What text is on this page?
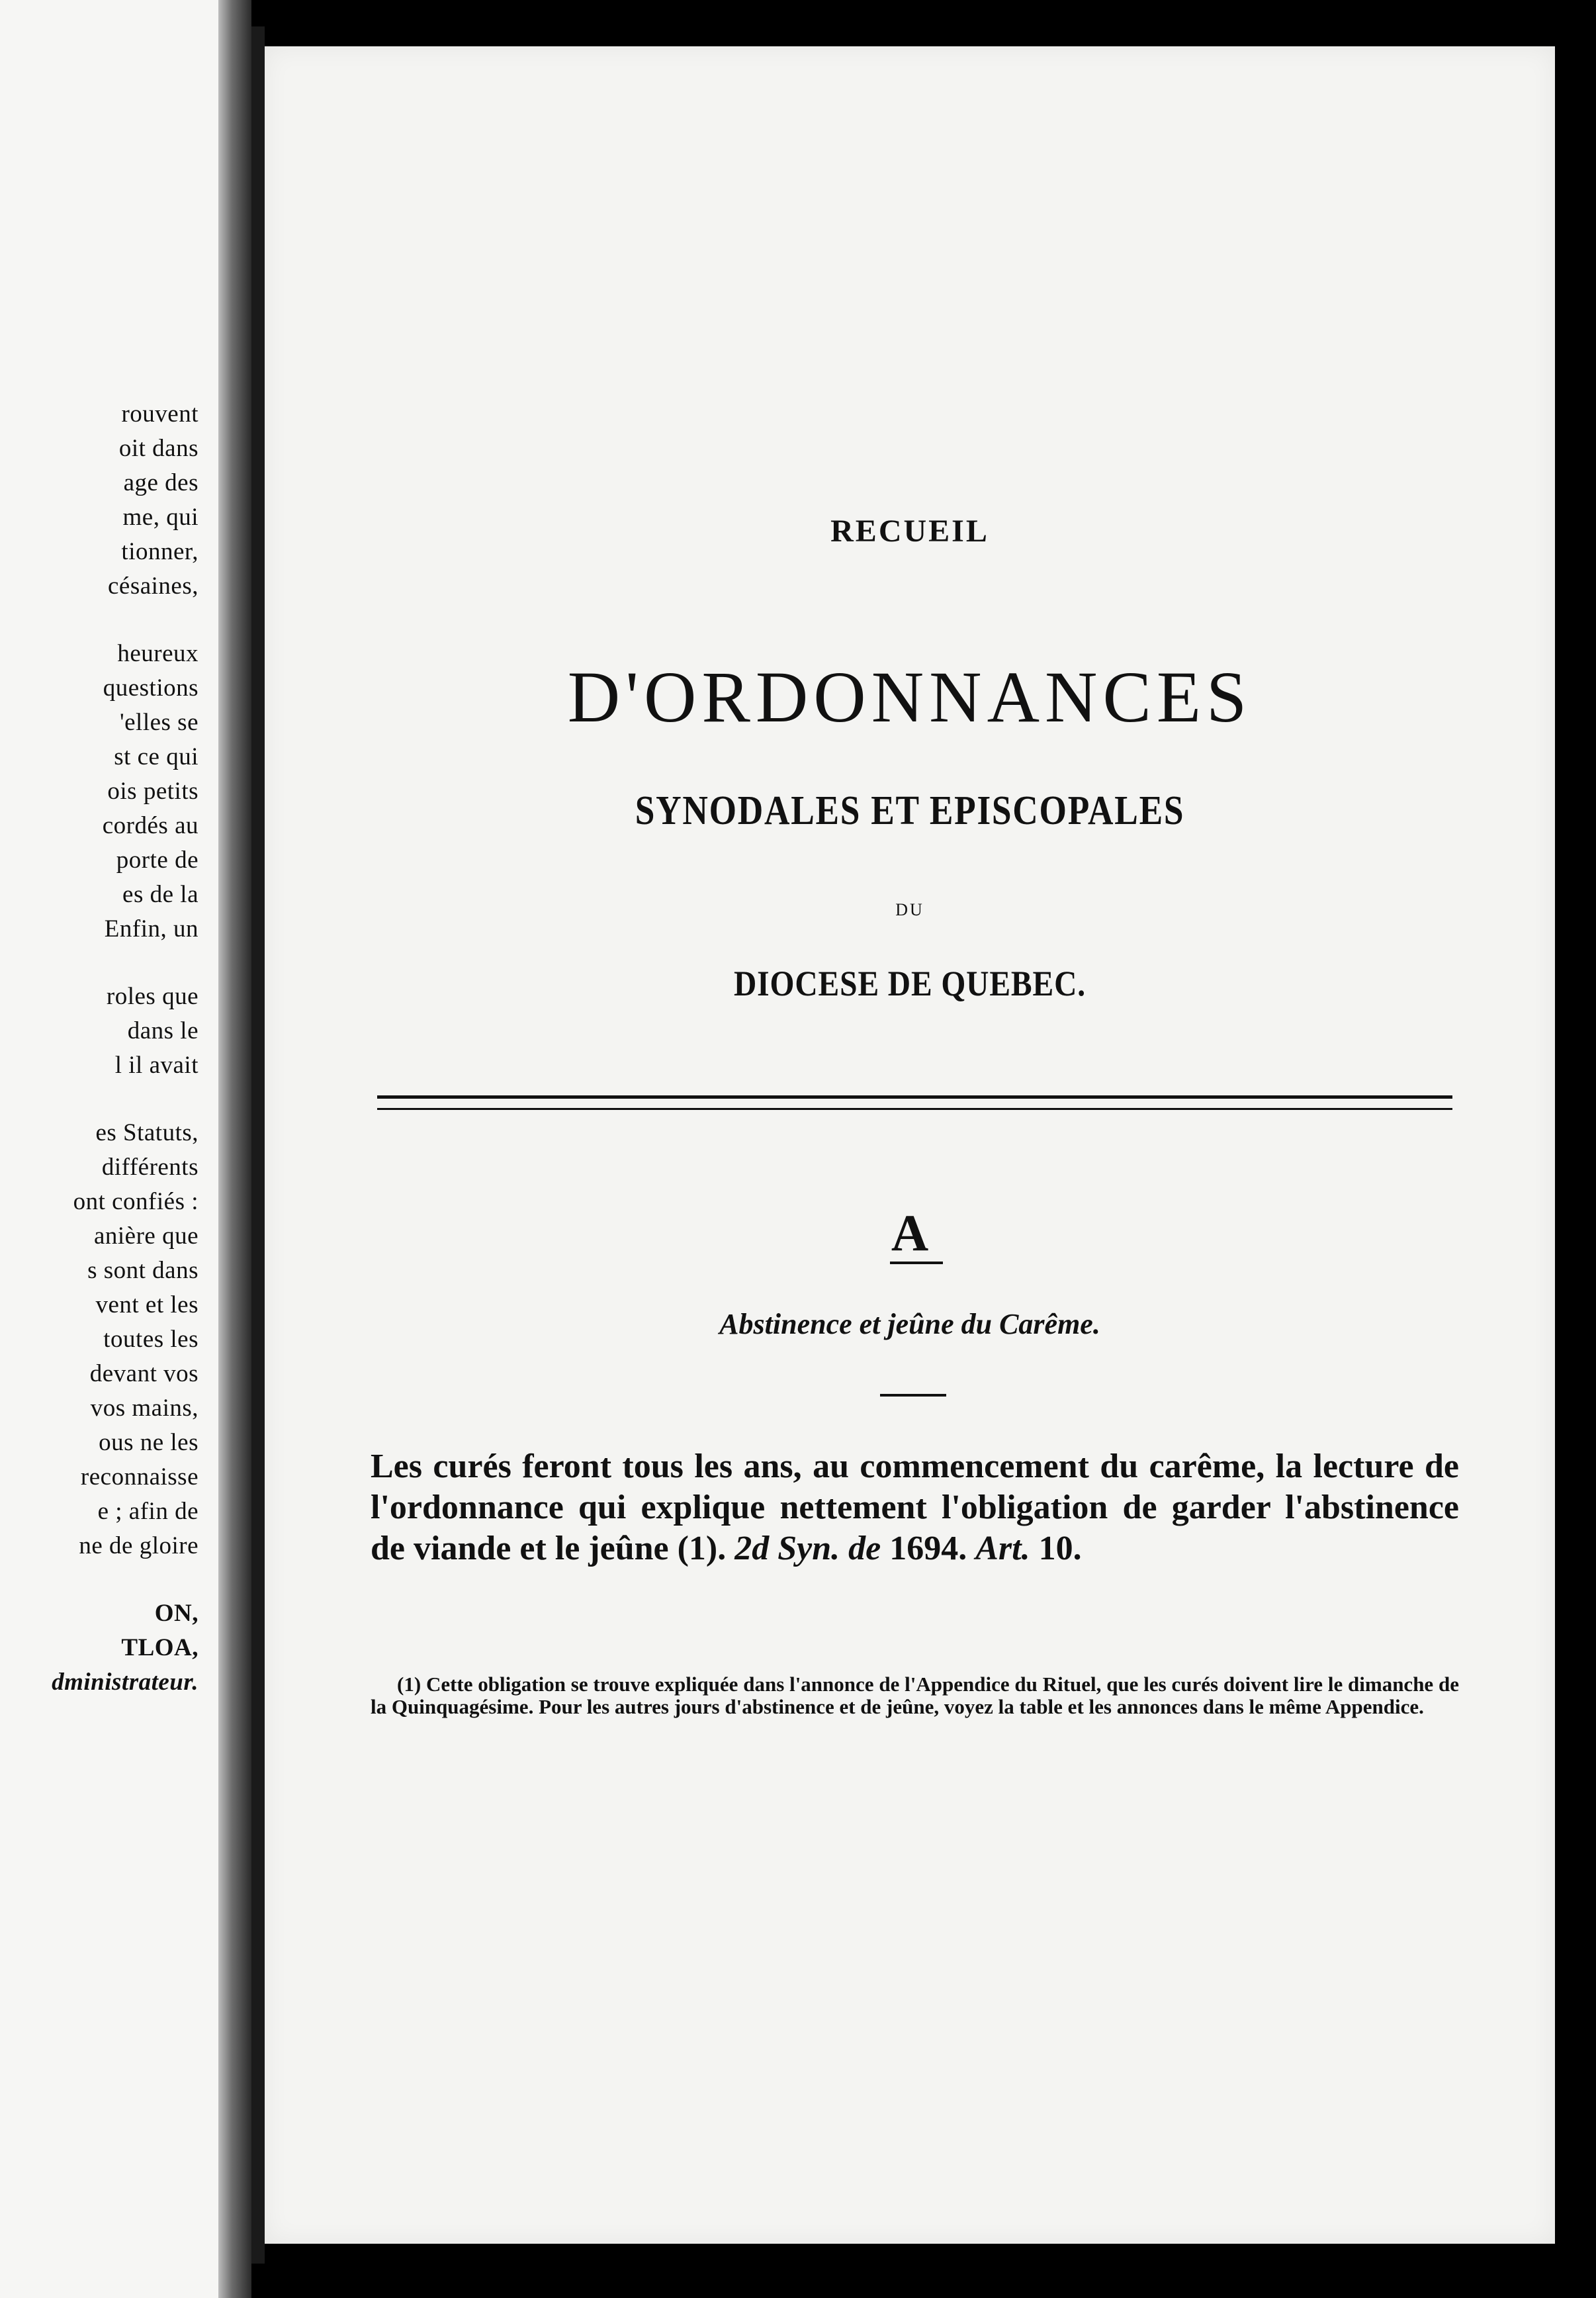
rouvent
oit dans
age des
me, qui
tionner,
césaines,
heureux
questions
'elles se
st ce qui
ois petits
cordés au
porte de
es de la
Enfin, un
roles que
dans le
l il avait
es Statuts,
différents
ont confiés :
anière que
s sont dans
vent et les
toutes les
devant vos
vos mains,
ous ne les
reconnaisse
e ; afin de
ne de gloire
ON,
TLOA,
dministrateur.
RECUEIL
D'ORDONNANCES
SYNODALES ET EPISCOPALES
DU
DIOCESE DE QUEBEC.
A
Abstinence et jeûne du Carême.
Les curés feront tous les ans, au commencement du carême, la lecture de l'ordonnance qui explique nettement l'obligation de garder l'abstinence de viande et le jeûne (1). 2d Syn. de 1694. Art. 10.
(1) Cette obligation se trouve expliquée dans l'annonce de l'Appendice du Rituel, que les curés doivent lire le dimanche de la Quinquagésime. Pour les autres jours d'abstinence et de jeûne, voyez la table et les annonces dans le même Appendice.
